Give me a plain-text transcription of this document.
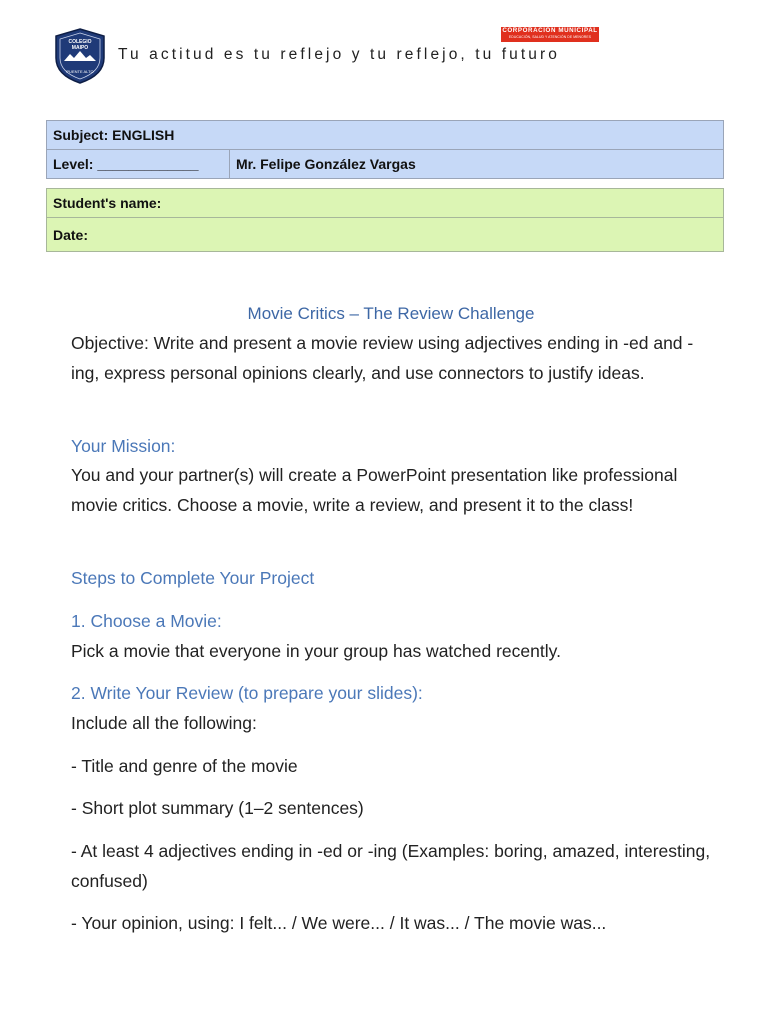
COLEGIO
MAIPO
PUENTE ALTO
Tu actitud es tu reflejo y tu reflejo, tu futuro
CORPORACIÓN MUNICIPAL
EDUCACIÓN, SALUD Y ATENCIÓN DE MENORES
Subject: ENGLISH
Level: _____________	Mr. Felipe González Vargas
Student's name:
Date:
Movie Critics – The Review Challenge

Objective: Write and present a movie review using adjectives ending in -ed and -ing, express personal opinions clearly, and use connectors to justify ideas.

Your Mission:

You and your partner(s) will create a PowerPoint presentation like professional movie critics. Choose a movie, write a review, and present it to the class!

Steps to Complete Your Project

1. Choose a Movie:

Pick a movie that everyone in your group has watched recently.

2. Write Your Review (to prepare your slides):

Include all the following:

- Title and genre of the movie

- Short plot summary (1–2 sentences)

- At least 4 adjectives ending in -ed or -ing (Examples: boring, amazed, interesting, confused)

- Your opinion, using: I felt... / We were... / It was... / The movie was...
